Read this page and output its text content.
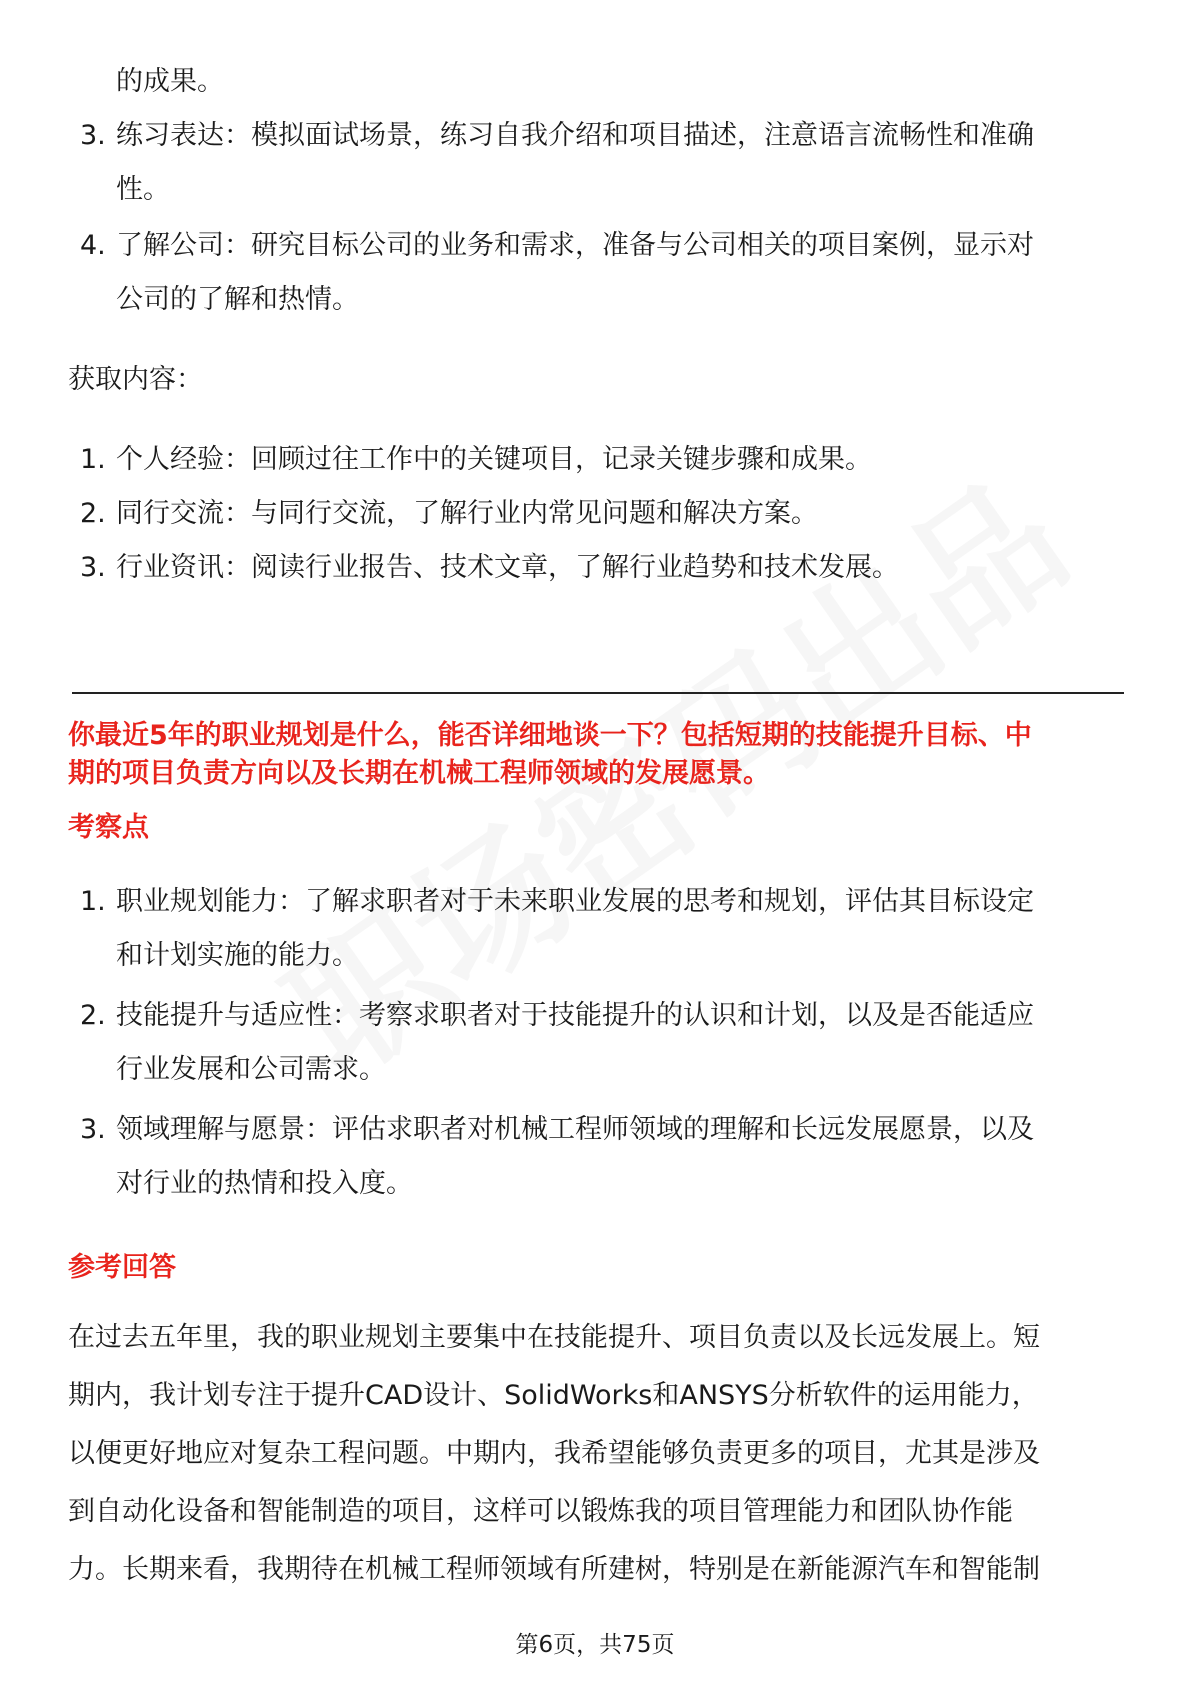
的成果。
3. 练习表达：模拟面试场景，练习自我介绍和项目描述，注意语言流畅性和准确
性。
4. 了解公司：研究目标公司的业务和需求，准备与公司相关的项目案例，显示对
公司的了解和热情。
获取内容：
1. 个人经验：回顾过往工作中的关键项目，记录关键步骤和成果。
2. 同行交流：与同行交流，了解行业内常见问题和解决方案。
3. 行业资讯：阅读行业报告、技术文章，了解行业趋势和技术发展。
你最近5年的职业规划是什么，能否详细地谈一下？包括短期的技能提升目标、中
期的项目负责方向以及长期在机械工程师领域的发展愿景。
考察点
1. 职业规划能力：了解求职者对于未来职业发展的思考和规划，评估其目标设定
和计划实施的能力。
2. 技能提升与适应性：考察求职者对于技能提升的认识和计划，以及是否能适应
行业发展和公司需求。
3. 领域理解与愿景：评估求职者对机械工程师领域的理解和长远发展愿景，以及
对行业的热情和投入度。
参考回答
在过去五年里，我的职业规划主要集中在技能提升、项目负责以及长远发展上。短
期内，我计划专注于提升CAD设计、SolidWorks和ANSYS分析软件的运用能力，
以便更好地应对复杂工程问题。中期内，我希望能够负责更多的项目，尤其是涉及
到自动化设备和智能制造的项目，这样可以锻炼我的项目管理能力和团队协作能
力。长期来看，我期待在机械工程师领域有所建树，特别是在新能源汽车和智能制
第6页，共75页
